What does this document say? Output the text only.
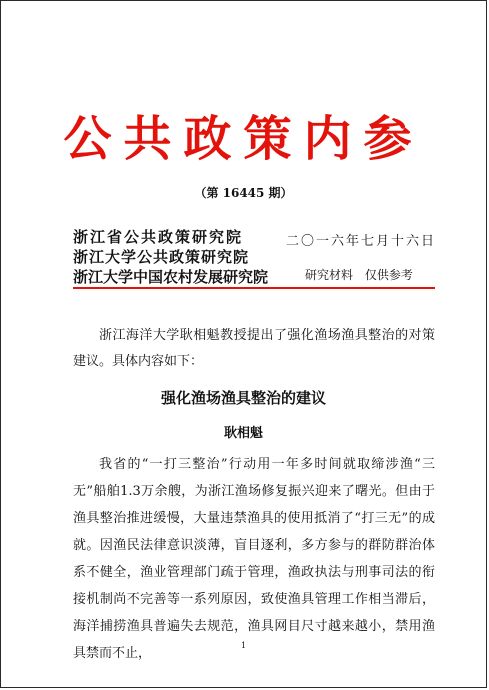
公共政策内参
（第 16445 期）
浙江省公共政策研究院
浙江大学公共政策研究院
浙江大学中国农村发展研究院
二〇一六年七月十六日
研究材料 仅供参考

浙江海洋大学耿相魁教授提出了强化渔场渔具整治的对策建议。具体内容如下：

强化渔场渔具整治的建议
耿相魁

我省的“一打三整治”行动用一年多时间就取缔涉渔“三无”船舶1.3万余艘，为浙江渔场修复振兴迎来了曙光。但由于渔具整治推进缓慢，大量违禁渔具的使用抵消了“打三无”的成就。因渔民法律意识淡薄，盲目逐利，多方参与的群防群治体系不健全，渔业管理部门疏于管理，渔政执法与刑事司法的衔接机制尚不完善等一系列原因，致使渔具管理工作相当滞后，海洋捕捞渔具普遍失去规范，渔具网目尺寸越来越小，禁用渔具禁而不止，

1
